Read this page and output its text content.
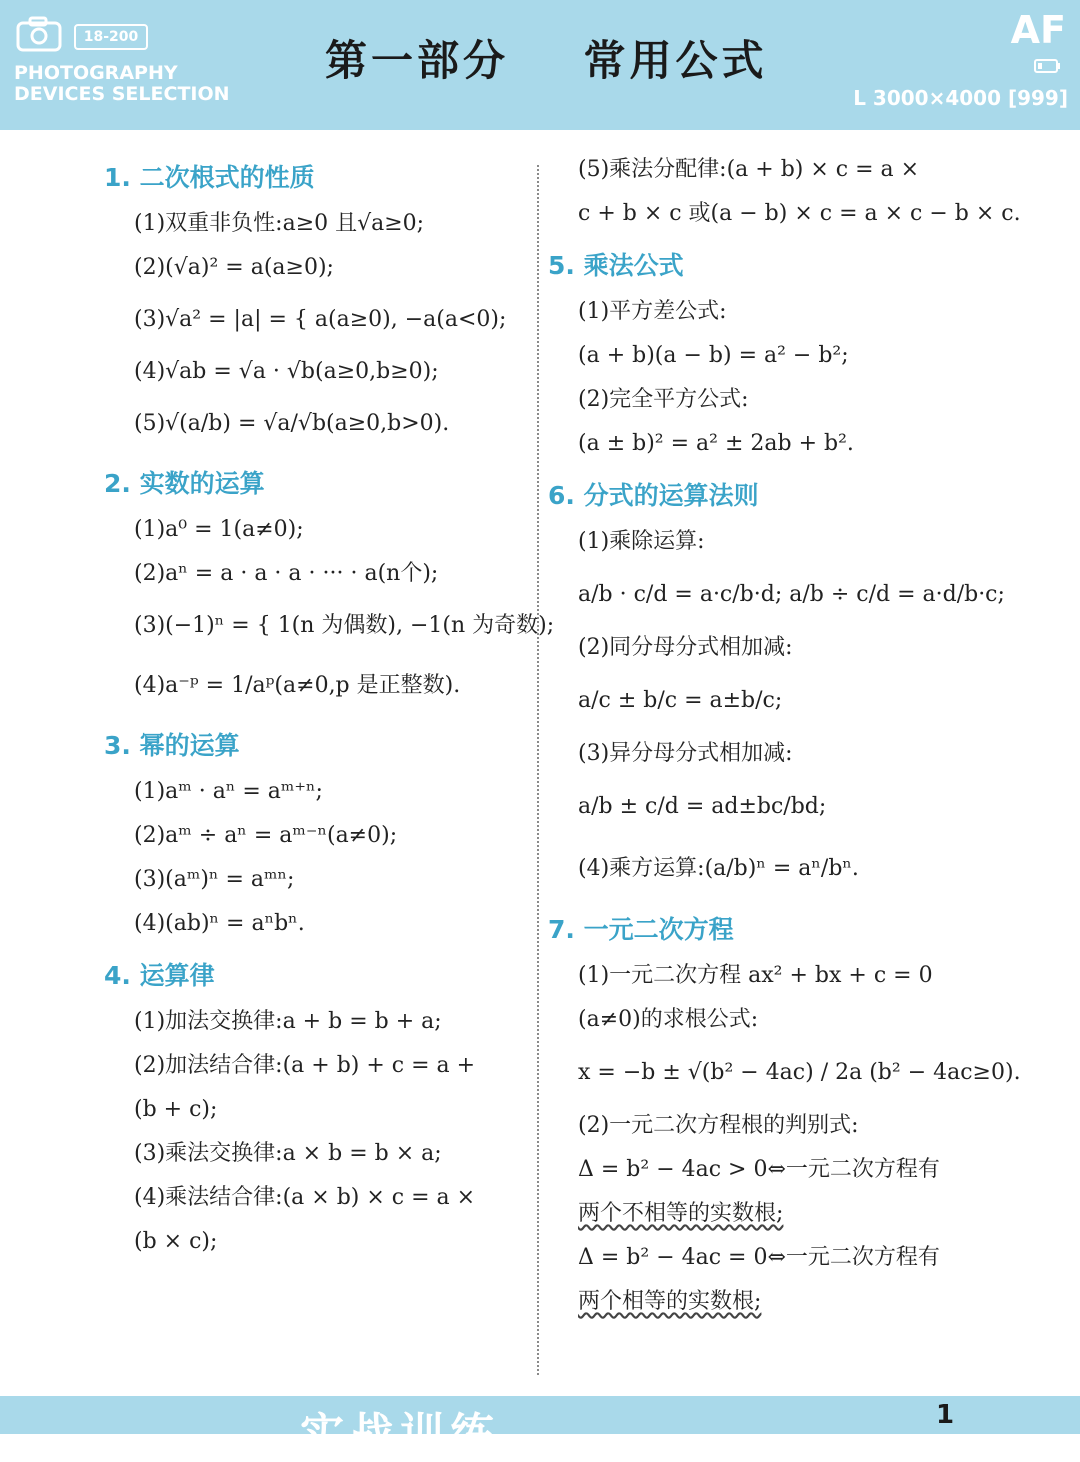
18-200
PHOTOGRAPHY
DEVICES SELECTION
第一部分    常用公式
AF
L 3000×4000 [999]
1. 二次根式的性质
(1)双重非负性:a≥0 且√a≥0;
(2)(√a)² = a(a≥0);
(3)√a² = |a| = { a(a≥0), −a(a<0);
(4)√ab = √a · √b(a≥0,b≥0);
(5)√(a/b) = √a/√b(a≥0,b>0).
2. 实数的运算
(1)a⁰ = 1(a≠0);
(2)aⁿ = a · a · a · ··· · a(n个);
(3)(−1)ⁿ = { 1(n 为偶数), −1(n 为奇数);
(4)a⁻ᵖ = 1/aᵖ(a≠0,p 是正整数).
3. 幂的运算
(1)aᵐ · aⁿ = aᵐ⁺ⁿ;
(2)aᵐ ÷ aⁿ = aᵐ⁻ⁿ(a≠0);
(3)(aᵐ)ⁿ = aᵐⁿ;
(4)(ab)ⁿ = aⁿbⁿ.
4. 运算律
(1)加法交换律:a + b = b + a;
(2)加法结合律:(a + b) + c = a +
(b + c);
(3)乘法交换律:a × b = b × a;
(4)乘法结合律:(a × b) × c = a ×
(b × c);
(5)乘法分配律:(a + b) × c = a ×
c + b × c 或(a − b) × c = a × c − b × c.
5. 乘法公式
(1)平方差公式:
(a + b)(a − b) = a² − b²;
(2)完全平方公式:
(a ± b)² = a² ± 2ab + b².
6. 分式的运算法则
(1)乘除运算:
a/b · c/d = a·c/b·d; a/b ÷ c/d = a·d/b·c;
(2)同分母分式相加减:
a/c ± b/c = a±b/c;
(3)异分母分式相加减:
a/b ± c/d = ad±bc/bd;
(4)乘方运算:(a/b)ⁿ = aⁿ/bⁿ.
7. 一元二次方程
(1)一元二次方程 ax² + bx + c = 0
(a≠0)的求根公式:
x = −b ± √(b² − 4ac) / 2a (b² − 4ac≥0).
(2)一元二次方程根的判别式:
Δ = b² − 4ac > 0⇔一元二次方程有
两个不相等的实数根;
Δ = b² − 4ac = 0⇔一元二次方程有
两个相等的实数根;
实战训练	1
